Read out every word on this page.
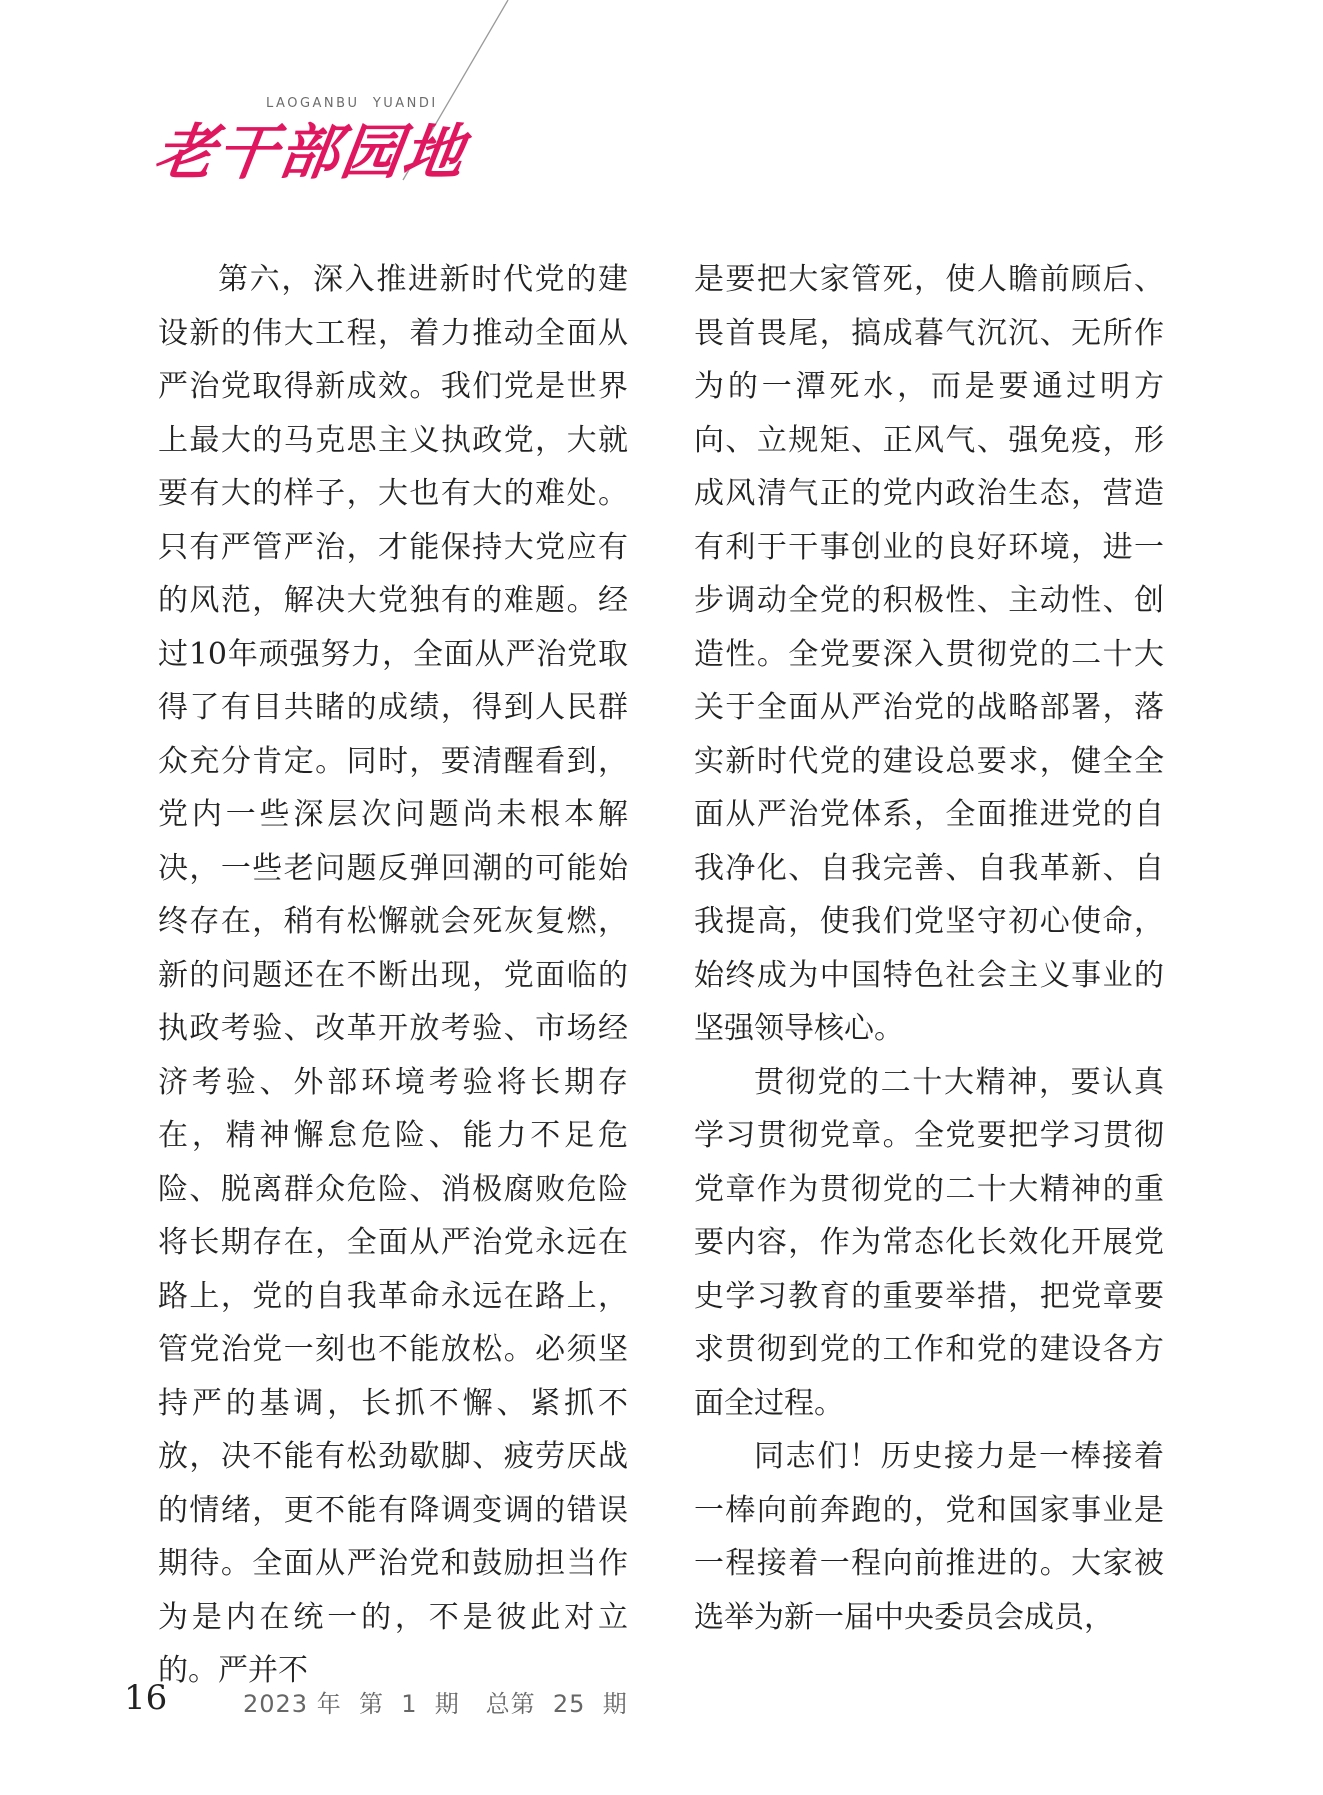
LAOGANBU  YUANDI
老干部园地

第六，深入推进新时代党的建设新的伟大工程，着力推动全面从严治党取得新成效。我们党是世界上最大的马克思主义执政党，大就要有大的样子，大也有大的难处。只有严管严治，才能保持大党应有的风范，解决大党独有的难题。经过10年顽强努力，全面从严治党取得了有目共睹的成绩，得到人民群众充分肯定。同时，要清醒看到，党内一些深层次问题尚未根本解决，一些老问题反弹回潮的可能始终存在，稍有松懈就会死灰复燃，新的问题还在不断出现，党面临的执政考验、改革开放考验、市场经济考验、外部环境考验将长期存在，精神懈怠危险、能力不足危险、脱离群众危险、消极腐败危险将长期存在，全面从严治党永远在路上，党的自我革命永远在路上，管党治党一刻也不能放松。必须坚持严的基调，长抓不懈、紧抓不放，决不能有松劲歇脚、疲劳厌战的情绪，更不能有降调变调的错误期待。全面从严治党和鼓励担当作为是内在统一的，不是彼此对立的。严并不

是要把大家管死，使人瞻前顾后、畏首畏尾，搞成暮气沉沉、无所作为的一潭死水，而是要通过明方向、立规矩、正风气、强免疫，形成风清气正的党内政治生态，营造有利于干事创业的良好环境，进一步调动全党的积极性、主动性、创造性。全党要深入贯彻党的二十大关于全面从严治党的战略部署，落实新时代党的建设总要求，健全全面从严治党体系，全面推进党的自我净化、自我完善、自我革新、自我提高，使我们党坚守初心使命，始终成为中国特色社会主义事业的坚强领导核心。

贯彻党的二十大精神，要认真学习贯彻党章。全党要把学习贯彻党章作为贯彻党的二十大精神的重要内容，作为常态化长效化开展党史学习教育的重要举措，把党章要求贯彻到党的工作和党的建设各方面全过程。

同志们！历史接力是一棒接着一棒向前奔跑的，党和国家事业是一程接着一程向前推进的。大家被选举为新一届中央委员会成员，

16	2023 年  第  1  期   总第  25  期
